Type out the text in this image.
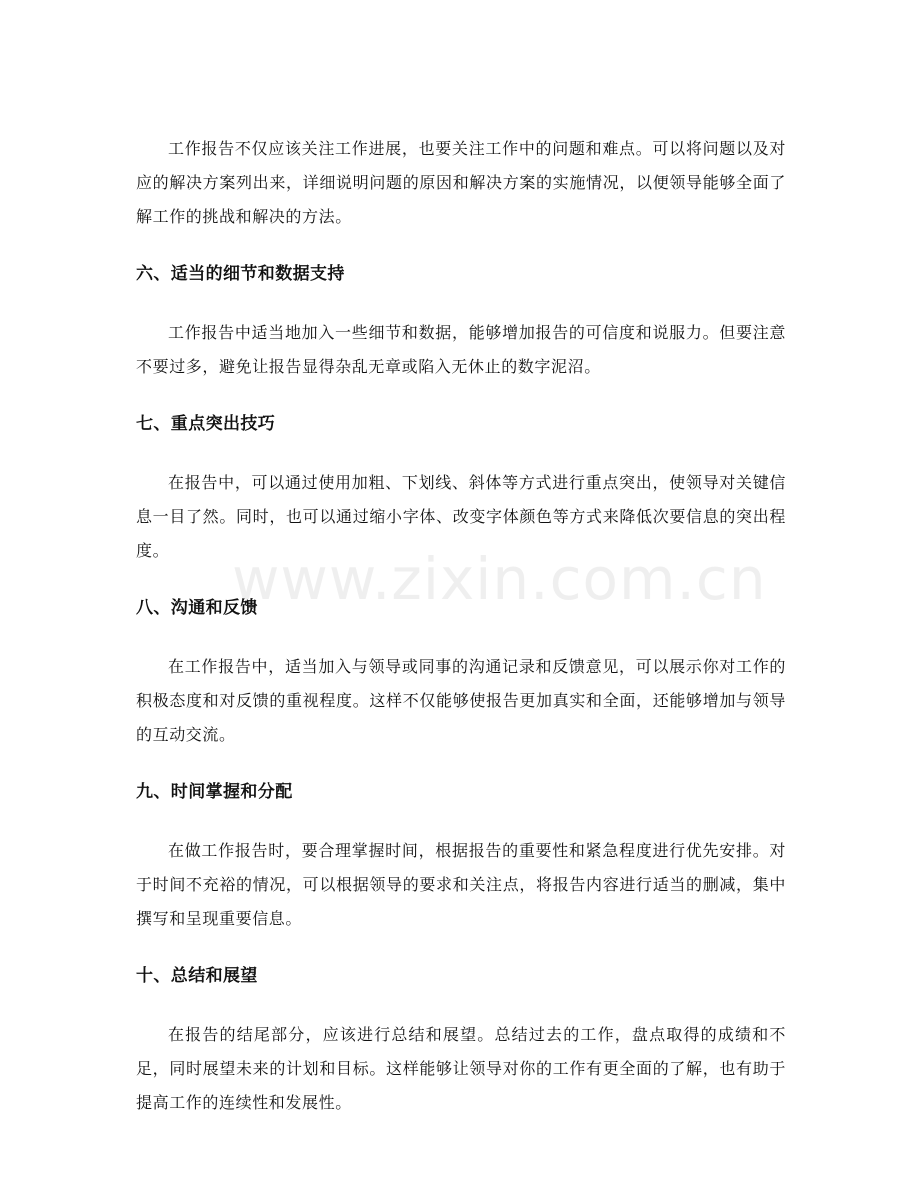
工作报告不仅应该关注工作进展，也要关注工作中的问题和难点。可以将问题以及对应的解决方案列出来，详细说明问题的原因和解决方案的实施情况，以便领导能够全面了解工作的挑战和解决的方法。

六、适当的细节和数据支持

工作报告中适当地加入一些细节和数据，能够增加报告的可信度和说服力。但要注意不要过多，避免让报告显得杂乱无章或陷入无休止的数字泥沼。

七、重点突出技巧

在报告中，可以通过使用加粗、下划线、斜体等方式进行重点突出，使领导对关键信息一目了然。同时，也可以通过缩小字体、改变字体颜色等方式来降低次要信息的突出程度。

八、沟通和反馈

在工作报告中，适当加入与领导或同事的沟通记录和反馈意见，可以展示你对工作的积极态度和对反馈的重视程度。这样不仅能够使报告更加真实和全面，还能够增加与领导的互动交流。

九、时间掌握和分配

在做工作报告时，要合理掌握时间，根据报告的重要性和紧急程度进行优先安排。对于时间不充裕的情况，可以根据领导的要求和关注点，将报告内容进行适当的删减，集中撰写和呈现重要信息。

十、总结和展望

在报告的结尾部分，应该进行总结和展望。总结过去的工作，盘点取得的成绩和不足，同时展望未来的计划和目标。这样能够让领导对你的工作有更全面的了解，也有助于提高工作的连续性和发展性。

www.zixin.com.cn
